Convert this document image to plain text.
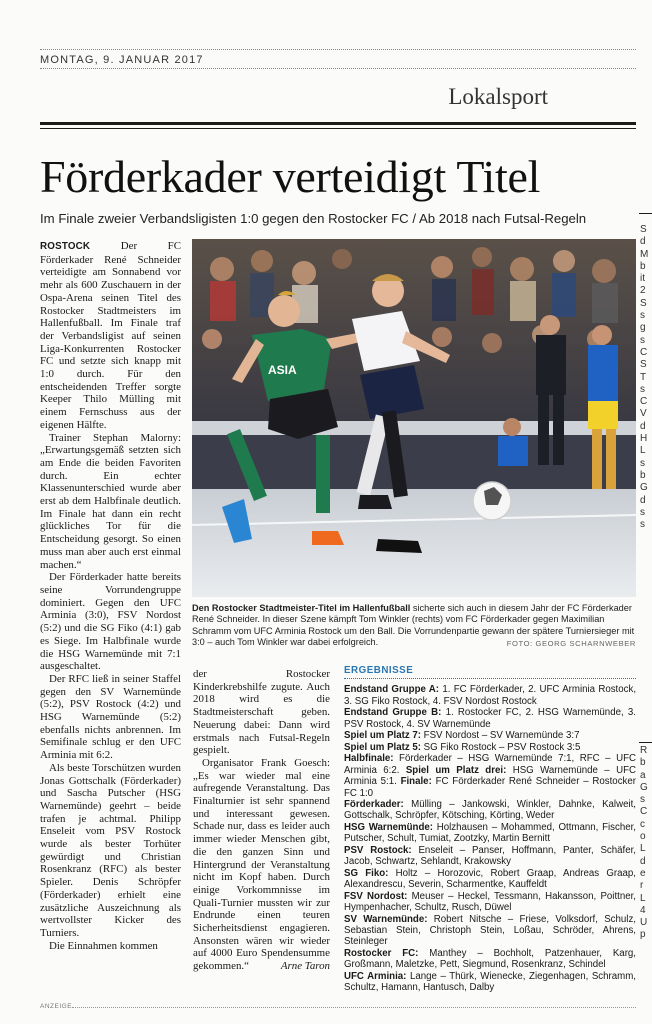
MONTAG, 9. JANUAR 2017
Lokalsport
Förderkader verteidigt Titel
Im Finale zweier Verbandsligisten 1:0 gegen den Rostocker FC / Ab 2018 nach Futsal-Regeln

ROSTOCK	Der FC Förderkader René Schneider verteidigte am Sonnabend vor mehr als 600 Zuschauern in der Ospa-Arena seinen Titel des Rostocker Stadtmeisters im Hallenfußball. Im Finale traf der Verbandsligist auf seinen Liga-Konkurrenten Rostocker FC und setzte sich knapp mit 1:0 durch. Für den entscheidenden Treffer sorgte Keeper Thilo Mülling mit einem Fernschuss aus der eigenen Hälfte.

Trainer Stephan Malorny: „Erwartungsgemäß setzten sich am Ende die beiden Favoriten durch. Ein echter Klassenunterschied wurde aber erst ab dem Halbfinale deutlich. Im Finale hat dann ein recht glückliches Tor für die Entscheidung gesorgt. So einen muss man aber auch erst einmal machen.“

Der Förderkader hatte bereits seine Vorrundengruppe dominiert. Gegen den UFC Arminia (3:0), FSV Nordost (5:2) und die SG Fiko (4:1) gab es Siege. Im Halbfinale wurde die HSG Warnemünde mit 7:1 ausgeschaltet.

Der RFC ließ in seiner Staffel gegen den SV Warnemünde (5:2), PSV Rostock (4:2) und HSG Warnemünde (5:2) ebenfalls nichts anbrennen. Im Semifinale schlug er den UFC Arminia mit 6:2.

Als beste Torschützen wurden Jonas Gottschalk (Förderkader) und Sascha Putscher (HSG Warnemünde) geehrt – beide trafen je achtmal. Philipp Enseleit vom PSV Rostock wurde als bester Torhüter gewürdigt und Christian Rosenkranz (RFC) als bester Spieler. Denis Schröpfer (Förderkader) erhielt eine zusätzliche Auszeichnung als wertvollster Kicker des Turniers.

Die Einnahmen kommen

ASIA
Den Rostocker Stadtmeister-Titel im Hallenfußball sicherte sich auch in diesem Jahr der FC Förderkader René Schneider. In dieser Szene kämpft Tom Winkler (rechts) vom FC Förderkader gegen Maximilian Schramm vom UFC Arminia Rostock um den Ball. Die Vorrundenpartie gewann der spätere Turniersieger mit 3:0 – auch Tom Winkler war dabei erfolgreich.	FOTO: GEORG SCHARNWEBER

der Rostocker Kinderkrebshilfe zugute. Auch 2018 wird es die Stadtmeisterschaft geben. Neuerung dabei: Dann wird erstmals nach Futsal-Regeln gespielt.

Organisator Frank Goesch: „Es war wieder mal eine aufregende Veranstaltung. Das Finalturnier ist sehr spannend und interessant gewesen. Schade nur, dass es leider auch immer wieder Menschen gibt, die den ganzen Sinn und Hintergrund der Veranstaltung nicht im Kopf haben. Durch einige Vorkommnisse im Quali-Turnier mussten wir zur Endrunde einen teuren Sicherheitsdienst engagieren. Ansonsten wären wir wieder auf 4000 Euro Spendensumme gekommen.“	Arne Taron

ERGEBNISSE

Endstand Gruppe A: 1. FC Förderkader, 2. UFC Arminia Rostock, 3. SG Fiko Rostock, 4. FSV Nordost Rostock

Endstand Gruppe B: 1. Rostocker FC, 2. HSG Warnemünde, 3. PSV Rostock, 4. SV Warnemünde

Spiel um Platz 7: FSV Nordost – SV Warnemünde 3:7

Spiel um Platz 5: SG Fiko Rostock – PSV Rostock 3:5

Halbfinale: Förderkader – HSG Warnemünde 7:1, RFC – UFC Arminia 6:2. Spiel um Platz drei: HSG Warnemünde – UFC Arminia 5:1. Finale: FC Förderkader René Schneider – Rostocker FC 1:0

Förderkader: Mülling – Jankowski, Winkler, Dahnke, Kalweit, Gottschalk, Schröpfer, Kötsching, Körting, Weder

HSG Warnemünde: Holzhausen – Mohammed, Ottmann, Fischer, Putscher, Schult, Tumiat, Zootzky, Martin Bernitt

PSV Rostock: Enseleit – Panser, Hoffmann, Panter, Schäfer, Jacob, Schwartz, Sehlandt, Krakowsky

SG Fiko: Holtz – Horozovic, Robert Graap, Andreas Graap, Alexandrescu, Severin, Scharmentke, Kauffeldt

FSV Nordost: Meuser – Heckel, Tessmann, Hakansson, Poittner, Hympenhacher, Schultz, Rusch, Düwel

SV Warnemünde: Robert Nitsche – Friese, Volksdorf, Schulz, Sebastian Stein, Christoph Stein, Loßau, Schröder, Ahrens, Steinleger

Rostocker FC: Manthey – Bochholt, Patzenhauer, Karg, Großmann, Maletzke, Pett, Siegmund, Rosenkranz, Schindel

UFC Arminia: Lange – Thürk, Wienecke, Ziegenhagen, Schramm, Schultz, Hamann, Hantusch, Dalby

S
d
M
b
it
2
S
s
g
s
C
S
T
s
C
V
d
H
L
s
b
G
d
s
s
R
b
a
G
s
C
c
o
L
d
e
r
L
4
U
p
ANZEIGE
